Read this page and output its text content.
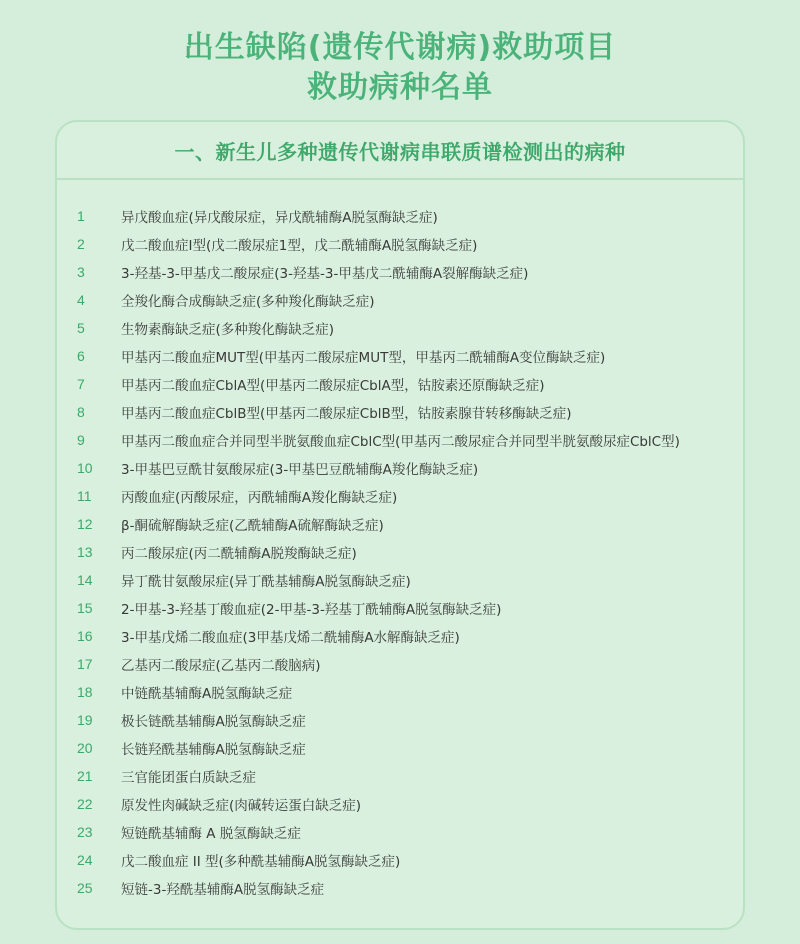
出生缺陷(遗传代谢病)救助项目
救助病种名单
一、新生儿多种遗传代谢病串联质谱检测出的病种
1	异戊酸血症(异戊酸尿症，异戊酰辅酶A脱氢酶缺乏症)
2	戊二酸血症I型(戊二酸尿症1型，戊二酰辅酶A脱氢酶缺乏症)
3	3-羟基-3-甲基戊二酸尿症(3-羟基-3-甲基戊二酰辅酶A裂解酶缺乏症)
4	全羧化酶合成酶缺乏症(多种羧化酶缺乏症)
5	生物素酶缺乏症(多种羧化酶缺乏症)
6	甲基丙二酸血症MUT型(甲基丙二酸尿症MUT型，甲基丙二酰辅酶A变位酶缺乏症)
7	甲基丙二酸血症CblA型(甲基丙二酸尿症CblA型，钴胺素还原酶缺乏症)
8	甲基丙二酸血症CblB型(甲基丙二酸尿症CblB型，钴胺素腺苷转移酶缺乏症)
9	甲基丙二酸血症合并同型半胱氨酸血症CblC型(甲基丙二酸尿症合并同型半胱氨酸尿症CblC型)
10	3-甲基巴豆酰甘氨酸尿症(3-甲基巴豆酰辅酶A羧化酶缺乏症)
11	丙酸血症(丙酸尿症，丙酰辅酶A羧化酶缺乏症)
12	β-酮硫解酶缺乏症(乙酰辅酶A硫解酶缺乏症)
13	丙二酸尿症(丙二酰辅酶A脱羧酶缺乏症)
14	异丁酰甘氨酸尿症(异丁酰基辅酶A脱氢酶缺乏症)
15	2-甲基-3-羟基丁酸血症(2-甲基-3-羟基丁酰辅酶A脱氢酶缺乏症)
16	3-甲基戊烯二酸血症(3甲基戊烯二酰辅酶A水解酶缺乏症)
17	乙基丙二酸尿症(乙基丙二酸脑病)
18	中链酰基辅酶A脱氢酶缺乏症
19	极长链酰基辅酶A脱氢酶缺乏症
20	长链羟酰基辅酶A脱氢酶缺乏症
21	三官能团蛋白质缺乏症
22	原发性肉碱缺乏症(肉碱转运蛋白缺乏症)
23	短链酰基辅酶 A 脱氢酶缺乏症
24	戊二酸血症 II 型(多种酰基辅酶A脱氢酶缺乏症)
25	短链-3-羟酰基辅酶A脱氢酶缺乏症
